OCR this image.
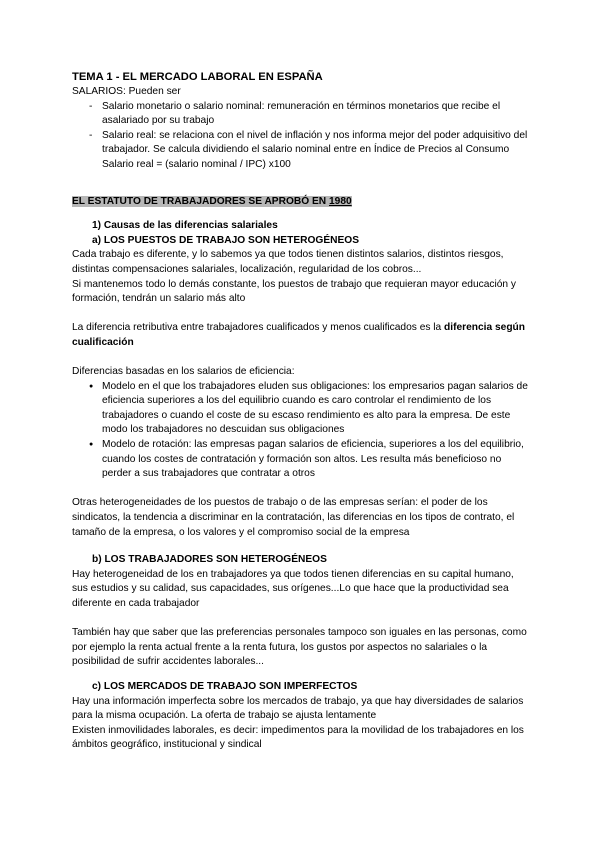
TEMA 1 - EL MERCADO LABORAL EN ESPAÑA

SALARIOS: Pueden ser

- Salario monetario o salario nominal: remuneración en términos monetarios que recibe el asalariado por su trabajo
- Salario real: se relaciona con el nivel de inflación y nos informa mejor del poder adquisitivo del trabajador. Se calcula dividiendo el salario nominal entre en Índice de Precios al Consumo
Salario real = (salario nominal / IPC) x100

EL ESTATUTO DE TRABAJADORES SE APROBÓ EN 1980

1) Causas de las diferencias salariales

a) LOS PUESTOS DE TRABAJO SON HETEROGÉNEOS

Cada trabajo es diferente, y lo sabemos ya que todos tienen distintos salarios, distintos riesgos, distintas compensaciones salariales, localización, regularidad de los cobros...

Si mantenemos todo lo demás constante, los puestos de trabajo que requieran mayor educación y formación, tendrán un salario más alto

La diferencia retributiva entre trabajadores cualificados y menos cualificados es la diferencia según cualificación

Diferencias basadas en los salarios de eficiencia:

● Modelo en el que los trabajadores eluden sus obligaciones: los empresarios pagan salarios de eficiencia superiores a los del equilibrio cuando es caro controlar el rendimiento de los trabajadores o cuando el coste de su escaso rendimiento es alto para la empresa. De este modo los trabajadores no descuidan sus obligaciones
● Modelo de rotación: las empresas pagan salarios de eficiencia, superiores a los del equilibrio, cuando los costes de contratación y formación son altos. Les resulta más beneficioso no perder a sus trabajadores que contratar a otros

Otras heterogeneidades de los puestos de trabajo o de las empresas serían: el poder de los sindicatos, la tendencia a discriminar en la contratación, las diferencias en los tipos de contrato, el tamaño de la empresa, o los valores y el compromiso social de la empresa

b) LOS TRABAJADORES SON HETEROGÉNEOS

Hay heterogeneidad de los en trabajadores ya que todos tienen diferencias en su capital humano, sus estudios y su calidad, sus capacidades, sus orígenes...Lo que hace que la productividad sea diferente en cada trabajador

También hay que saber que las preferencias personales tampoco son iguales en las personas, como por ejemplo la renta actual frente a la renta futura, los gustos por aspectos no salariales o la posibilidad de sufrir accidentes laborales...

c) LOS MERCADOS DE TRABAJO SON IMPERFECTOS

Hay una información imperfecta sobre los mercados de trabajo, ya que hay diversidades de salarios para la misma ocupación. La oferta de trabajo se ajusta lentamente

Existen inmovilidades laborales, es decir: impedimentos para la movilidad de los trabajadores en los ámbitos geográfico, institucional y sindical
